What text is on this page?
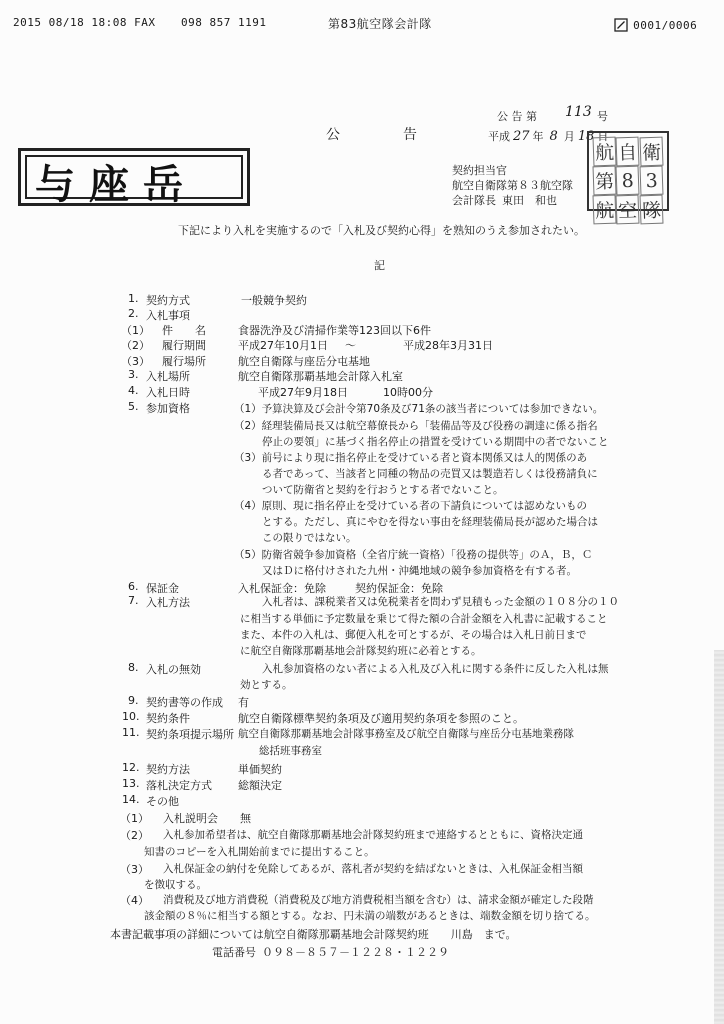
2015 08/18 18:08 FAX 098 857 1191	第83航空隊会計隊	0001/0006
公 告 第 113 号
公	告	平成 27 年 8 月 18 日
与座岳	契約担当官
航空自衛隊第８３航空隊
会計隊長 東田　和也
航 自 衛
第 8 3
航 空 隊
下記により入札を実施するので「入札及び契約心得」を熟知のうえ参加されたい。
記
1. 契約方式	一般競争契約
2. 入札事項
（1） 件　　名	食器洗浄及び清掃作業等123回以下6件
（2） 履行期間	平成27年10月1日 ～	平成28年3月31日
（3） 履行場所	航空自衛隊与座岳分屯基地
3. 入札場所	航空自衛隊那覇基地会計隊入札室
4. 入札日時	平成27年9月18日	10時00分
5. 参加資格	（1）予算決算及び会計令第70条及び71条の該当者については参加できない。
（2）経理装備局長又は航空幕僚長から「装備品等及び役務の調達に係る指名
停止の要領」に基づく指名停止の措置を受けている期間中の者でないこと
（3）前号により現に指名停止を受けている者と資本関係又は人的関係のあ
る者であって、当該者と同種の物品の売買又は製造若しくは役務請負に
ついて防衛省と契約を行おうとする者でないこと。
（4）原則、現に指名停止を受けている者の下請負については認めないもの
とする。ただし、真にやむを得ない事由を経理装備局長が認めた場合は
この限りではない。
（5）防衛省競争参加資格（全省庁統一資格）「役務の提供等」のＡ，Ｂ，Ｃ
又はＤに格付けされた九州・沖縄地域の競争参加資格を有する者。
6. 保証金	入札保証金：免除	契約保証金：免除
7. 入札方法	入札者は、課税業者又は免税業者を問わず見積もった金額の１０８分の１０
に相当する単価に予定数量を乗じて得た額の合計金額を入札書に記載すること
また、本件の入札は、郵便入札を可とするが、その場合は入札日前日まで
に航空自衛隊那覇基地会計隊契約班に必着とする。
8. 入札の無効	入札参加資格のない者による入札及び入札に関する条件に反した入札は無
効とする。
9. 契約書等の作成 有
10. 契約条件	航空自衛隊標準契約条項及び適用契約条項を参照のこと。
11. 契約条項提示場所 航空自衛隊那覇基地会計隊事務室及び航空自衛隊与座岳分屯基地業務隊
総括班事務室
12. 契約方法	単価契約
13. 落札決定方式 総額決定
14. その他
（1） 入札説明会　　無
（2） 入札参加希望者は、航空自衛隊那覇基地会計隊契約班まで連絡するとともに、資格決定通
知書のコピーを入札開始前までに提出すること。
（3） 入札保証金の納付を免除してあるが、落札者が契約を結ばないときは、入札保証金相当額
を徴収する。
（4） 消費税及び地方消費税（消費税及び地方消費税相当額を含む）は、請求金額が確定した段階
該金額の８％に相当する額とする。なお、円未満の端数があるときは、端数金額を切り捨てる。
本書記載事項の詳細については航空自衛隊那覇基地会計隊契約班　　川島　まで。
電話番号 ０９８－８５７－１２２８・１２２９
